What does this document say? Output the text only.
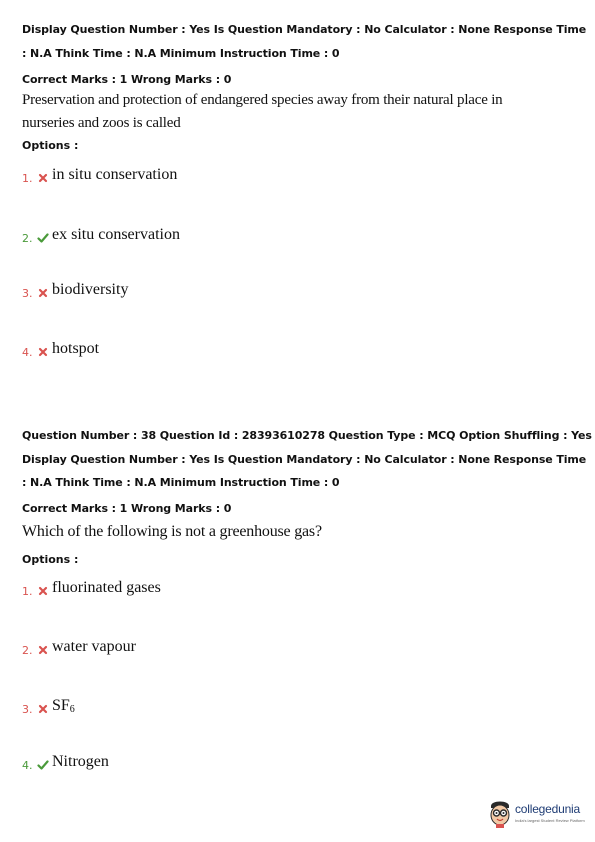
Display Question Number : Yes Is Question Mandatory : No Calculator : None Response Time
: N.A Think Time : N.A Minimum Instruction Time : 0
Correct Marks : 1 Wrong Marks : 0
Preservation and protection of endangered species away from their natural place in
nurseries and zoos is called
Options :
1. in situ conservation
2. ex situ conservation
3. biodiversity
4. hotspot
Question Number : 38 Question Id : 28393610278 Question Type : MCQ Option Shuffling : Yes
Display Question Number : Yes Is Question Mandatory : No Calculator : None Response Time
: N.A Think Time : N.A Minimum Instruction Time : 0
Correct Marks : 1 Wrong Marks : 0
Which of the following is not a greenhouse gas?
Options :
1. fluorinated gases
2. water vapour
3. $SF_6$
4. Nitrogen
collegedunia
India's largest Student Review Platform
